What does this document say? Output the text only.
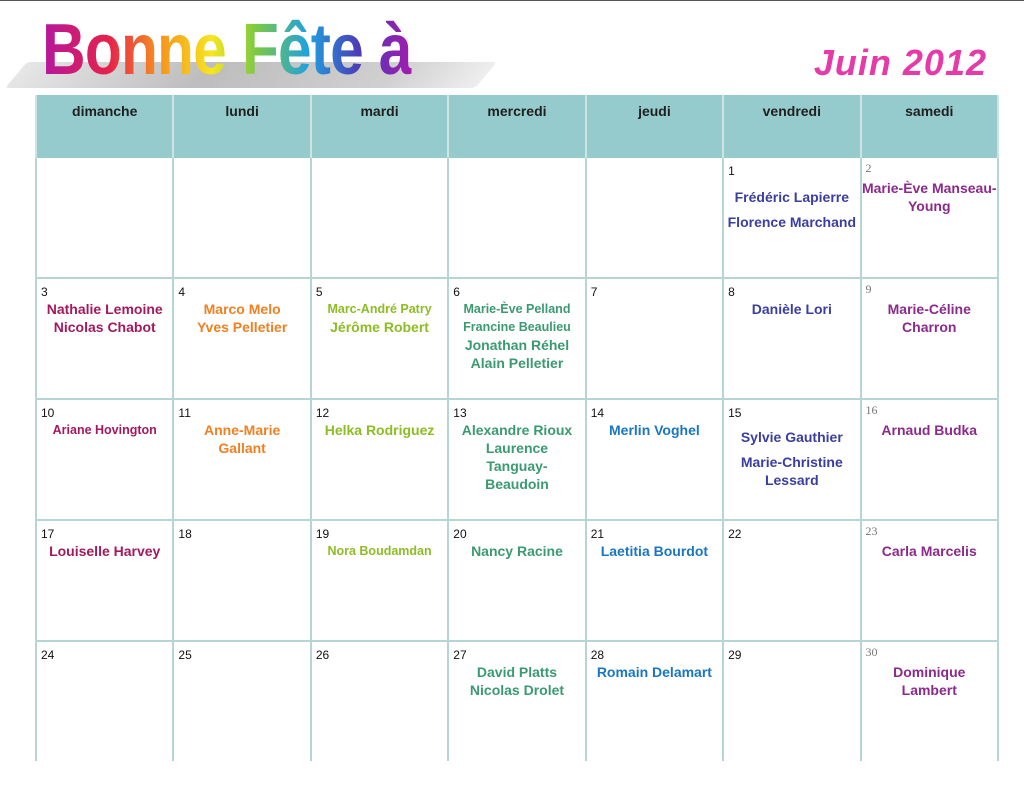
Bonne Fête à	Juin 2012
dimanche	lundi	mardi	mercredi	jeudi	vendredi	samedi

					1
Frédéric Lapierre
Florence Marchand	2
Marie-Ève Manseau-Young

3
Nathalie Lemoine
Nicolas Chabot	4
Marco Melo
Yves Pelletier	5
Marc-André Patry
Jérôme Robert	6
Marie-Ève Pelland
Francine Beaulieu
Jonathan Réhel
Alain Pelletier	7	8
Danièle Lori	9
Marie-Céline Charron

10
Ariane Hovington	11
Anne-Marie Gallant	12
Helka Rodriguez	13
Alexandre Rioux
Laurence Tanguay-Beaudoin	14
Merlin Voghel	15
Sylvie Gauthier
Marie-Christine Lessard	16
Arnaud Budka

17
Louiselle Harvey	18	19
Nora Boudamdan	20
Nancy Racine	21
Laetitia Bourdot	22	23
Carla Marcelis

24	25	26	27
David Platts
Nicolas Drolet	28
Romain Delamart	29	30
Dominique Lambert
